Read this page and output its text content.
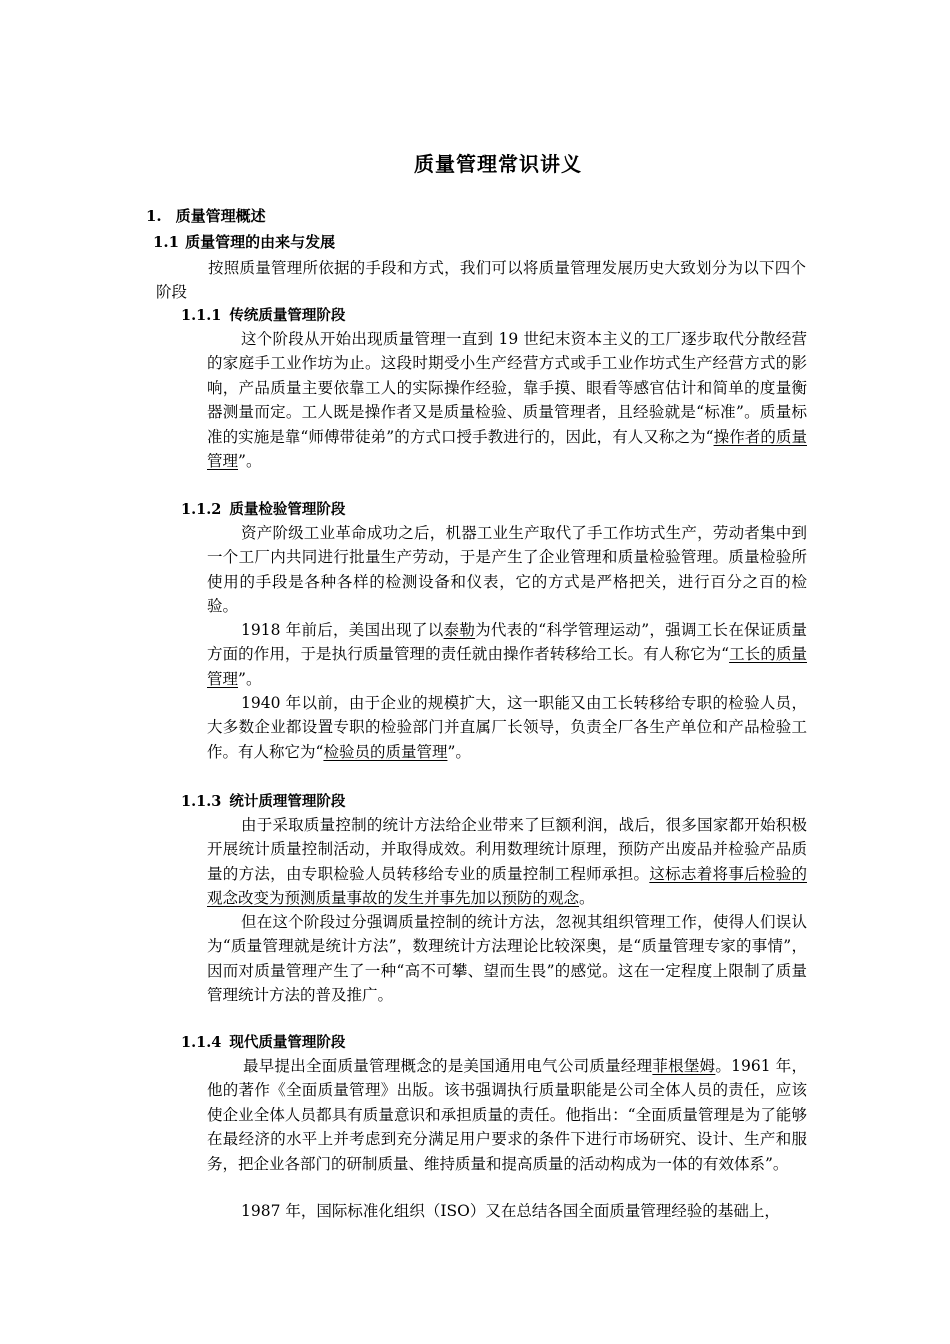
质量管理常识讲义
1. 质量管理概述
1.1 质量管理的由来与发展

按照质量管理所依据的手段和方式，我们可以将质量管理发展历史大致划分为以下四个阶段

1.1.1 传统质量管理阶段

这个阶段从开始出现质量管理一直到 19 世纪末资本主义的工厂逐步取代分散经营的家庭手工业作坊为止。这段时期受小生产经营方式或手工业作坊式生产经营方式的影响，产品质量主要依靠工人的实际操作经验，靠手摸、眼看等感官估计和简单的度量衡器测量而定。工人既是操作者又是质量检验、质量管理者，且经验就是“标准”。质量标准的实施是靠“师傅带徒弟”的方式口授手教进行的，因此，有人又称之为“操作者的质量管理”。

1.1.2 质量检验管理阶段

资产阶级工业革命成功之后，机器工业生产取代了手工作坊式生产，劳动者集中到一个工厂内共同进行批量生产劳动，于是产生了企业管理和质量检验管理。质量检验所使用的手段是各种各样的检测设备和仪表，它的方式是严格把关，进行百分之百的检验。

1918 年前后，美国出现了以泰勒为代表的“科学管理运动”，强调工长在保证质量方面的作用，于是执行质量管理的责任就由操作者转移给工长。有人称它为“工长的质量管理”。

1940 年以前，由于企业的规模扩大，这一职能又由工长转移给专职的检验人员，大多数企业都设置专职的检验部门并直属厂长领导，负责全厂各生产单位和产品检验工作。有人称它为“检验员的质量管理”。

1.1.3 统计质理管理阶段

由于采取质量控制的统计方法给企业带来了巨额利润，战后，很多国家都开始积极开展统计质量控制活动，并取得成效。利用数理统计原理，预防产出废品并检验产品质量的方法，由专职检验人员转移给专业的质量控制工程师承担。这标志着将事后检验的观念改变为预测质量事故的发生并事先加以预防的观念。

但在这个阶段过分强调质量控制的统计方法，忽视其组织管理工作，使得人们误认为“质量管理就是统计方法”，数理统计方法理论比较深奥，是“质量管理专家的事情”，因而对质量管理产生了一种“高不可攀、望而生畏”的感觉。这在一定程度上限制了质量管理统计方法的普及推广。

1.1.4 现代质量管理阶段

最早提出全面质量管理概念的是美国通用电气公司质量经理菲根堡姆。1961 年，他的著作《全面质量管理》出版。该书强调执行质量职能是公司全体人员的责任，应该使企业全体人员都具有质量意识和承担质量的责任。他指出：“全面质量管理是为了能够在最经济的水平上并考虑到充分满足用户要求的条件下进行市场研究、设计、生产和服务，把企业各部门的研制质量、维持质量和提高质量的活动构成为一体的有效体系”。

1987 年，国际标准化组织（ISO）又在总结各国全面质量管理经验的基础上，
